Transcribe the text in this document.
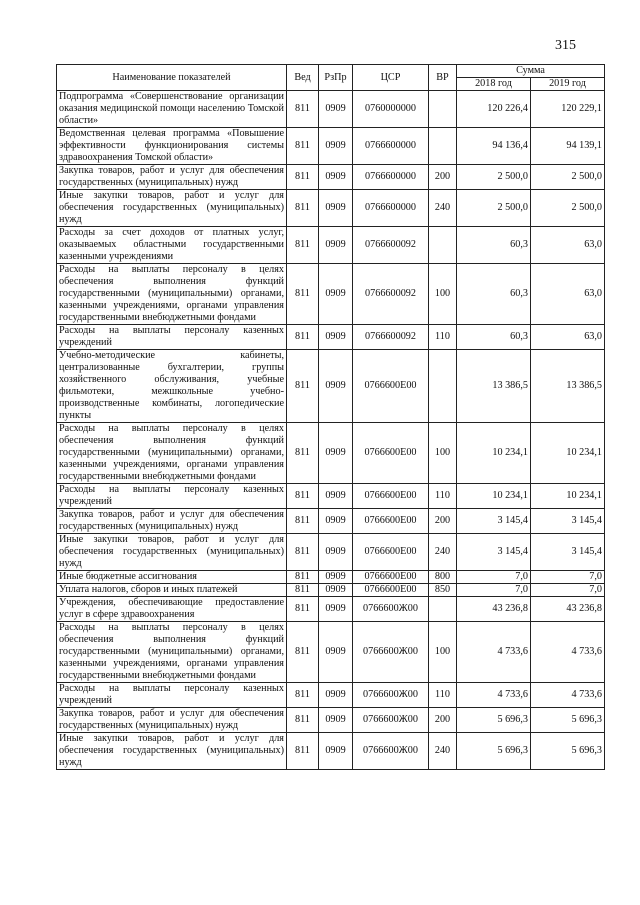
315
Наименование показателей	Вед	РзПр	ЦСР	ВР	Сумма	
					2018 год	2019 год
Подпрограмма «Совершенствование организации оказания медицинской помощи населению Томской области»	811	0909	0760000000		120 226,4	120 229,1
Ведомственная целевая программа «Повышение эффективности функционирования системы здравоохранения Томской области»	811	0909	0766600000		94 136,4	94 139,1
Закупка товаров, работ и услуг для обеспечения государственных (муниципальных) нужд	811	0909	0766600000	200	2 500,0	2 500,0
Иные закупки товаров, работ и услуг для обеспечения государственных (муниципальных) нужд	811	0909	0766600000	240	2 500,0	2 500,0
Расходы за счет доходов от платных услуг, оказываемых областными государственными казенными учреждениями	811	0909	0766600092		60,3	63,0
Расходы на выплаты персоналу в целях обеспечения выполнения функций государственными (муниципальными) органами, казенными учреждениями, органами управления государственными внебюджетными фондами	811	0909	0766600092	100	60,3	63,0
Расходы на выплаты персоналу казенных учреждений	811	0909	0766600092	110	60,3	63,0
Учебно-методические кабинеты, централизованные бухгалтерии, группы хозяйственного обслуживания, учебные фильмотеки, межшкольные учебно-производственные комбинаты, логопедические пункты	811	0909	0766600Е00		13 386,5	13 386,5
Расходы на выплаты персоналу в целях обеспечения выполнения функций государственными (муниципальными) органами, казенными учреждениями, органами управления государственными внебюджетными фондами	811	0909	0766600Е00	100	10 234,1	10 234,1
Расходы на выплаты персоналу казенных учреждений	811	0909	0766600Е00	110	10 234,1	10 234,1
Закупка товаров, работ и услуг для обеспечения государственных (муниципальных) нужд	811	0909	0766600Е00	200	3 145,4	3 145,4
Иные закупки товаров, работ и услуг для обеспечения государственных (муниципальных) нужд	811	0909	0766600Е00	240	3 145,4	3 145,4
Иные бюджетные ассигнования	811	0909	0766600Е00	800	7,0	7,0
Уплата налогов, сборов и иных платежей	811	0909	0766600Е00	850	7,0	7,0
Учреждения, обеспечивающие предоставление услуг в сфере здравоохранения	811	0909	0766600Ж00		43 236,8	43 236,8
Расходы на выплаты персоналу в целях обеспечения выполнения функций государственными (муниципальными) органами, казенными учреждениями, органами управления государственными внебюджетными фондами	811	0909	0766600Ж00	100	4 733,6	4 733,6
Расходы на выплаты персоналу казенных учреждений	811	0909	0766600Ж00	110	4 733,6	4 733,6
Закупка товаров, работ и услуг для обеспечения государственных (муниципальных) нужд	811	0909	0766600Ж00	200	5 696,3	5 696,3
Иные закупки товаров, работ и услуг для обеспечения государственных (муниципальных) нужд	811	0909	0766600Ж00	240	5 696,3	5 696,3
